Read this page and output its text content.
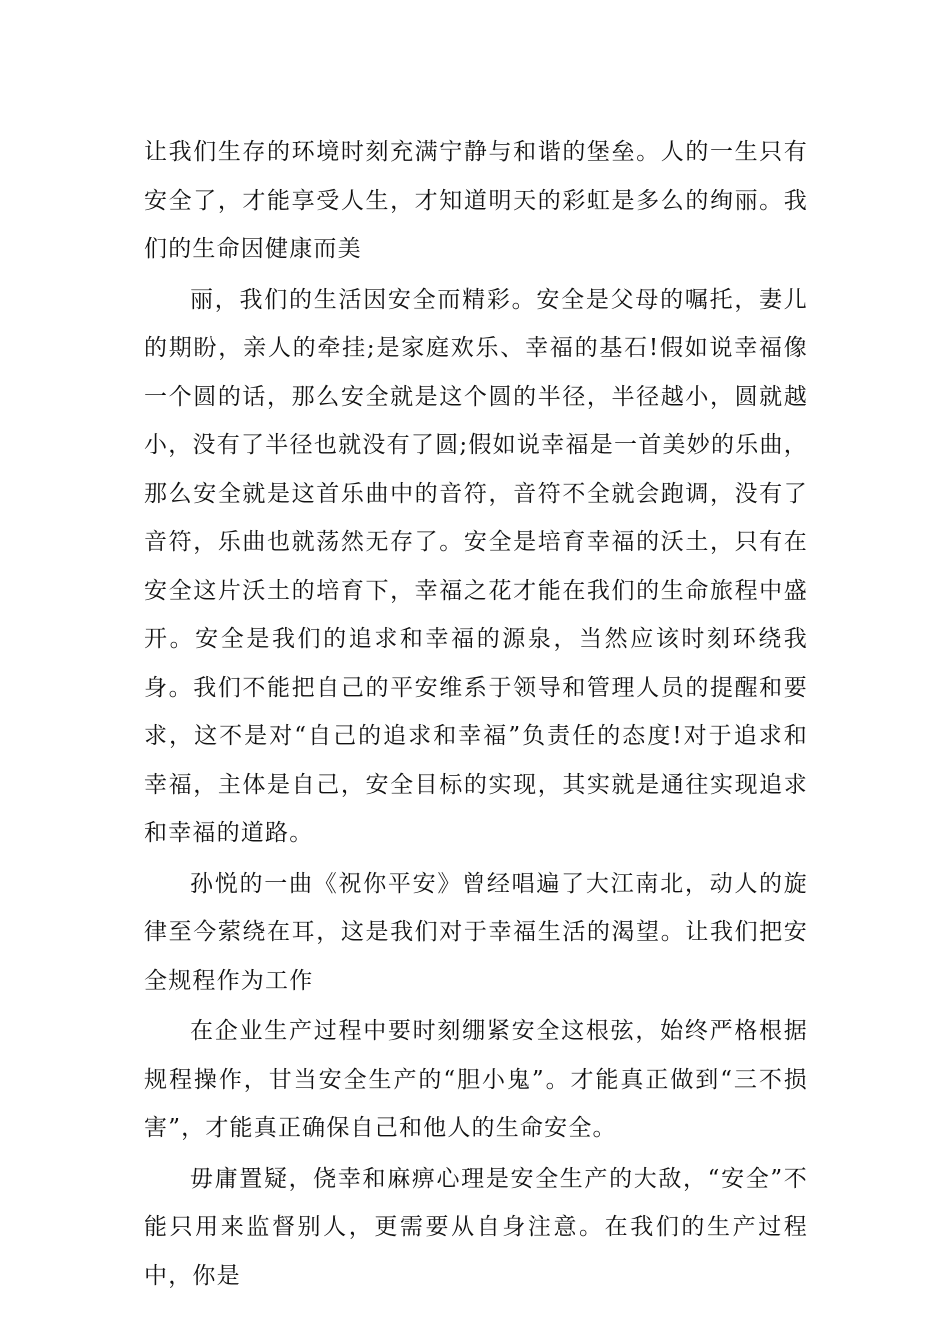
让我们生存的环境时刻充满宁静与和谐的堡垒。人的一生只有安全了，才能享受人生，才知道明天的彩虹是多么的绚丽。我们的生命因健康而美

丽，我们的生活因安全而精彩。安全是父母的嘱托，妻儿的期盼，亲人的牵挂;是家庭欢乐、幸福的基石!假如说幸福像一个圆的话，那么安全就是这个圆的半径，半径越小，圆就越小，没有了半径也就没有了圆;假如说幸福是一首美妙的乐曲，那么安全就是这首乐曲中的音符，音符不全就会跑调，没有了音符，乐曲也就荡然无存了。安全是培育幸福的沃土，只有在安全这片沃土的培育下，幸福之花才能在我们的生命旅程中盛开。安全是我们的追求和幸福的源泉，当然应该时刻环绕我身。我们不能把自己的平安维系于领导和管理人员的提醒和要求，这不是对“自己的追求和幸福”负责任的态度!对于追求和幸福，主体是自己，安全目标的实现，其实就是通往实现追求和幸福的道路。

孙悦的一曲《祝你平安》曾经唱遍了大江南北，动人的旋律至今萦绕在耳，这是我们对于幸福生活的渴望。让我们把安全规程作为工作

在企业生产过程中要时刻绷紧安全这根弦，始终严格根据规程操作，甘当安全生产的“胆小鬼”。才能真正做到“三不损害”，才能真正确保自己和他人的生命安全。

毋庸置疑，侥幸和麻痹心理是安全生产的大敌，“安全”不能只用来监督别人，更需要从自身注意。在我们的生产过程中，你是
